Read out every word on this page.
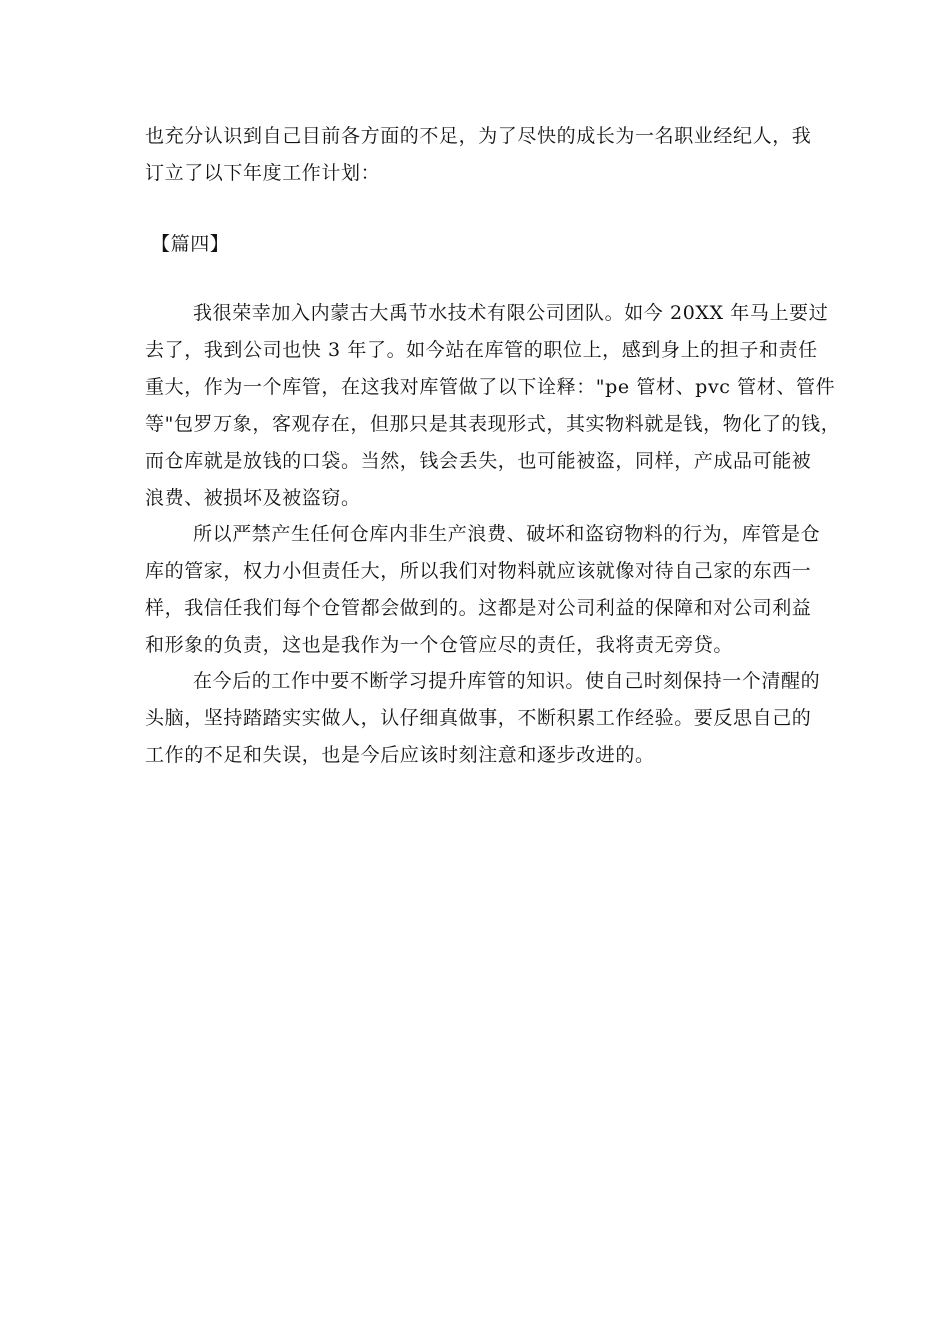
也充分认识到自己目前各方面的不足，为了尽快的成长为一名职业经纪人，我
订立了以下年度工作计划：
【篇四】
我很荣幸加入内蒙古大禹节水技术有限公司团队。如今 20XX 年马上要过
去了，我到公司也快 3 年了。如今站在库管的职位上，感到身上的担子和责任
重大，作为一个库管，在这我对库管做了以下诠释："pe 管材、pvc 管材、管件
等"包罗万象，客观存在，但那只是其表现形式，其实物料就是钱，物化了的钱，
而仓库就是放钱的口袋。当然，钱会丢失，也可能被盗，同样，产成品可能被
浪费、被损坏及被盗窃。
所以严禁产生任何仓库内非生产浪费、破坏和盗窃物料的行为，库管是仓
库的管家，权力小但责任大，所以我们对物料就应该就像对待自己家的东西一
样，我信任我们每个仓管都会做到的。这都是对公司利益的保障和对公司利益
和形象的负责，这也是我作为一个仓管应尽的责任，我将责无旁贷。
在今后的工作中要不断学习提升库管的知识。使自己时刻保持一个清醒的
头脑，坚持踏踏实实做人，认仔细真做事，不断积累工作经验。要反思自己的
工作的不足和失误，也是今后应该时刻注意和逐步改进的。
